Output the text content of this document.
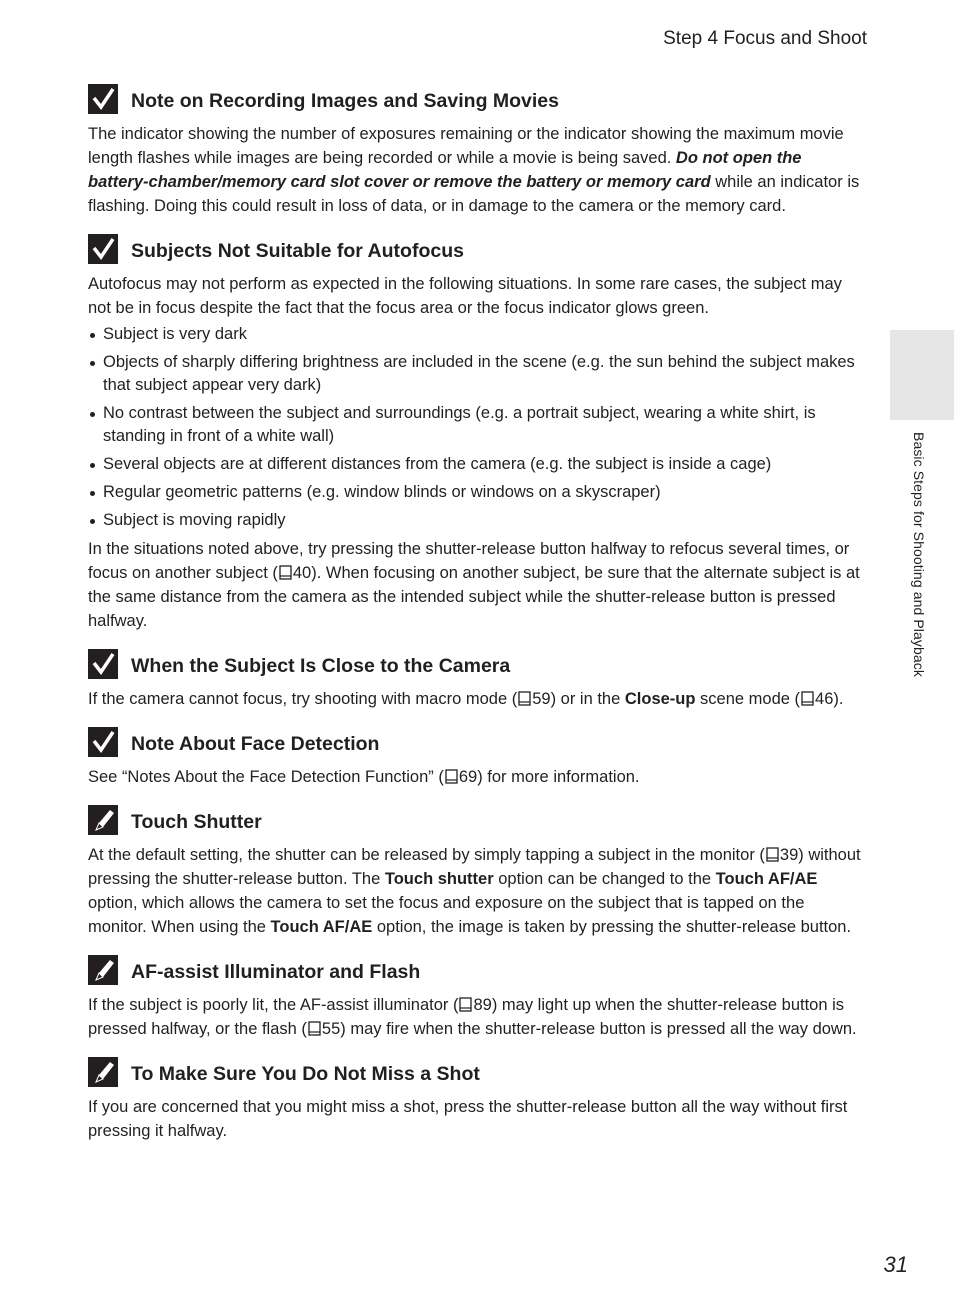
Step 4 Focus and Shoot
Basic Steps for Shooting and Playback
Note on Recording Images and Saving Movies

The indicator showing the number of exposures remaining or the indicator showing the maximum movie length flashes while images are being recorded or while a movie is being saved. Do not open the battery-chamber/memory card slot cover or remove the battery or memory card while an indicator is flashing. Doing this could result in loss of data, or in damage to the camera or the memory card.

Subjects Not Suitable for Autofocus

Autofocus may not perform as expected in the following situations. In some rare cases, the subject may not be in focus despite the fact that the focus area or the focus indicator glows green.

Subject is very dark
Objects of sharply differing brightness are included in the scene (e.g. the sun behind the subject makes that subject appear very dark)
No contrast between the subject and surroundings (e.g. a portrait subject, wearing a white shirt, is standing in front of a white wall)
Several objects are at different distances from the camera (e.g. the subject is inside a cage)
Regular geometric patterns (e.g. window blinds or windows on a skyscraper)
Subject is moving rapidly

In the situations noted above, try pressing the shutter-release button halfway to refocus several times, or focus on another subject ( 40). When focusing on another subject, be sure that the alternate subject is at the same distance from the camera as the intended subject while the shutter-release button is pressed halfway.

When the Subject Is Close to the Camera

If the camera cannot focus, try shooting with macro mode ( 59) or in the Close-up scene mode ( 46).

Note About Face Detection

See “Notes About the Face Detection Function” ( 69) for more information.

Touch Shutter

At the default setting, the shutter can be released by simply tapping a subject in the monitor ( 39) without pressing the shutter-release button. The Touch shutter option can be changed to the Touch AF/AE option, which allows the camera to set the focus and exposure on the subject that is tapped on the monitor. When using the Touch AF/AE option, the image is taken by pressing the shutter-release button.

AF-assist Illuminator and Flash

If the subject is poorly lit, the AF-assist illuminator ( 89) may light up when the shutter-release button is pressed halfway, or the flash ( 55) may fire when the shutter-release button is pressed all the way down.

To Make Sure You Do Not Miss a Shot

If you are concerned that you might miss a shot, press the shutter-release button all the way without first pressing it halfway.

31
